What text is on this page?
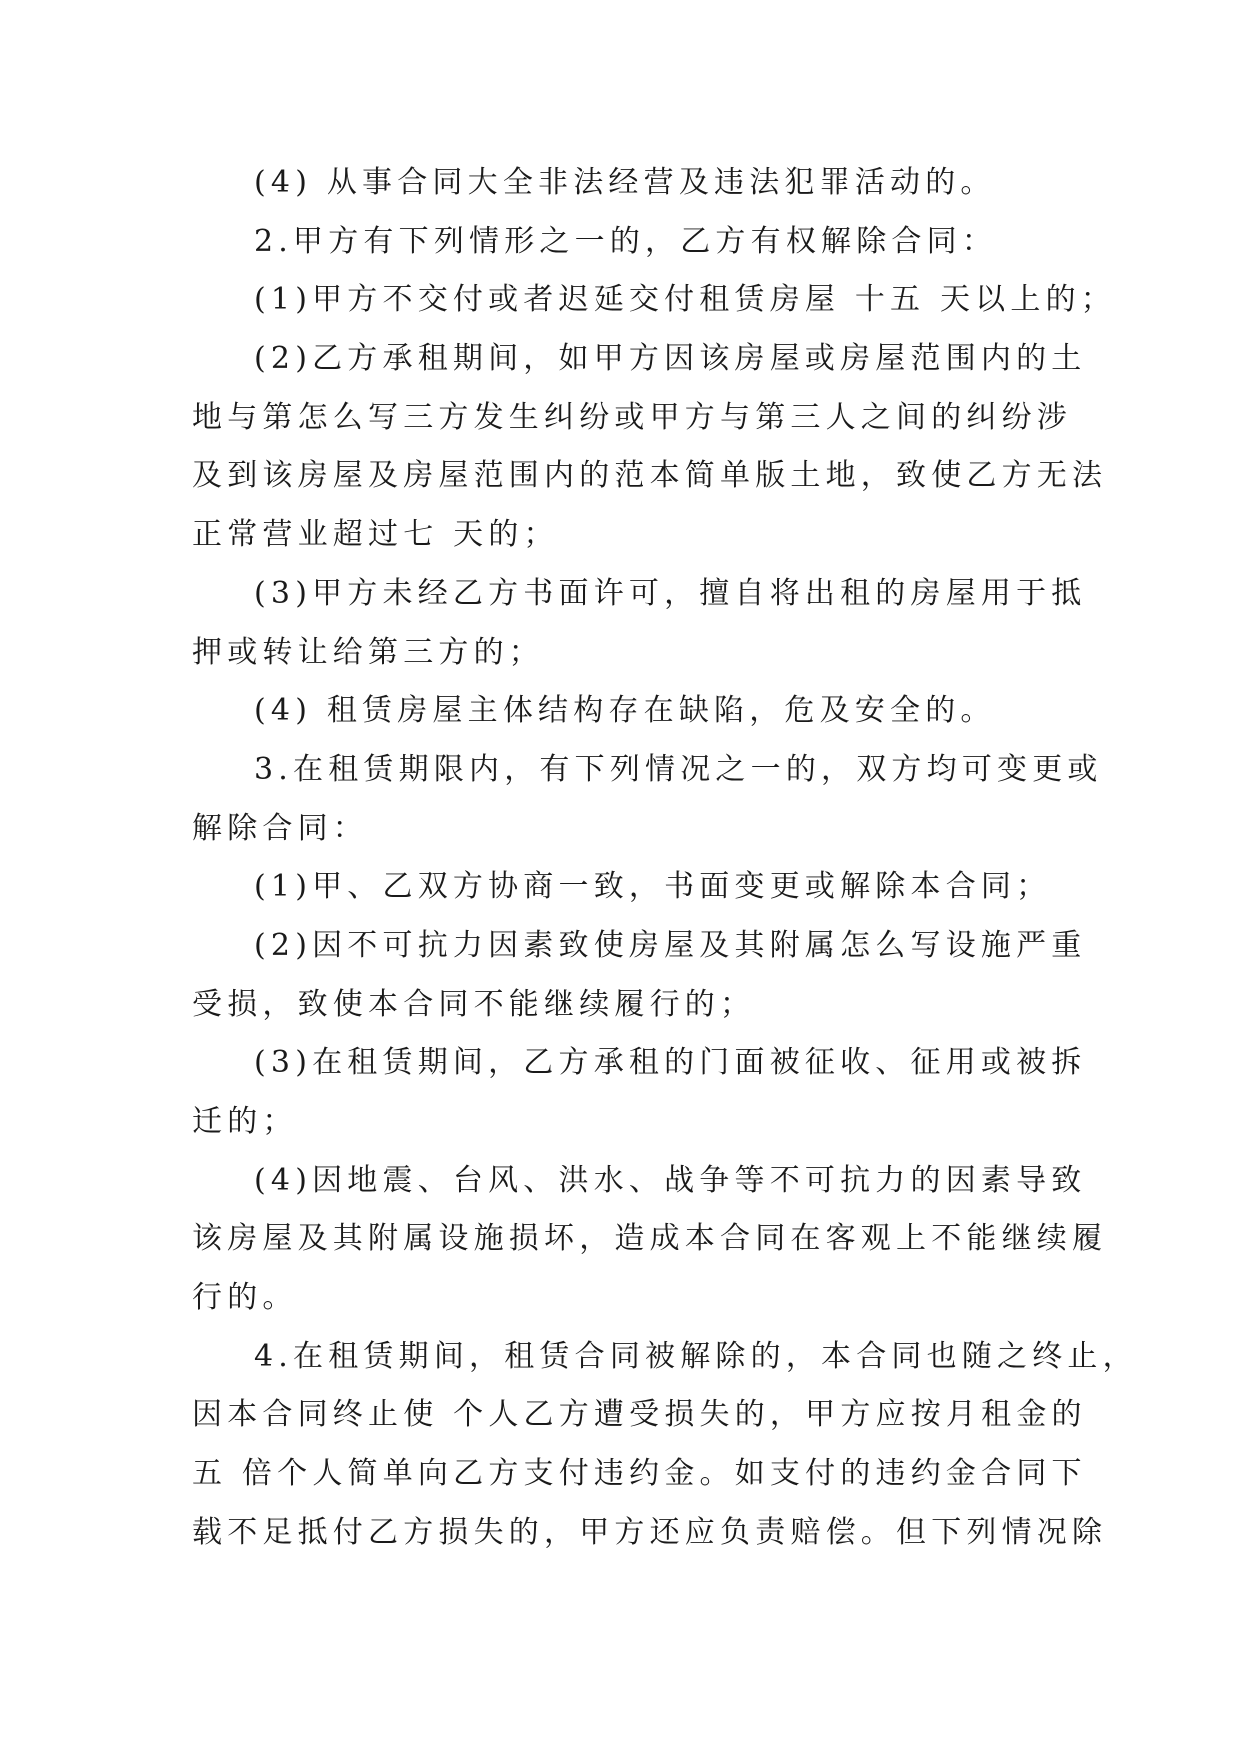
(4) 从事合同大全非法经营及违法犯罪活动的。
2.甲方有下列情形之一的，乙方有权解除合同：
(1)甲方不交付或者迟延交付租赁房屋 十五 天以上的；
(2)乙方承租期间，如甲方因该房屋或房屋范围内的土
地与第怎么写三方发生纠纷或甲方与第三人之间的纠纷涉
及到该房屋及房屋范围内的范本简单版土地，致使乙方无法
正常营业超过七 天的；
(3)甲方未经乙方书面许可，擅自将出租的房屋用于抵
押或转让给第三方的；
(4) 租赁房屋主体结构存在缺陷，危及安全的。
3.在租赁期限内，有下列情况之一的，双方均可变更或
解除合同：
(1)甲、乙双方协商一致，书面变更或解除本合同；
(2)因不可抗力因素致使房屋及其附属怎么写设施严重
受损，致使本合同不能继续履行的；
(3)在租赁期间，乙方承租的门面被征收、征用或被拆
迁的；
(4)因地震、台风、洪水、战争等不可抗力的因素导致
该房屋及其附属设施损坏，造成本合同在客观上不能继续履
行的。
4.在租赁期间，租赁合同被解除的，本合同也随之终止，
因本合同终止使 个人乙方遭受损失的，甲方应按月租金的
五 倍个人简单向乙方支付违约金。如支付的违约金合同下
载不足抵付乙方损失的，甲方还应负责赔偿。但下列情况除
